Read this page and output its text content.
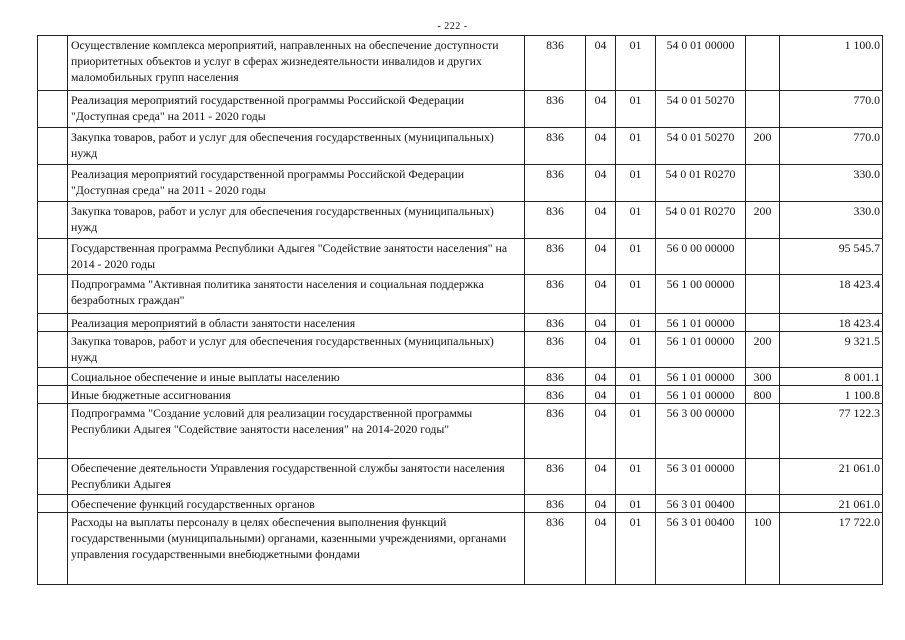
- 222 -
	Осуществление комплекса мероприятий, направленных на обеспечение доступности приоритетных объектов и услуг в сферах жизнедеятельности инвалидов и других маломобильных групп населения	836	04	01	54 0 01 00000		1 100.0
	Реализация мероприятий государственной программы Российской Федерации "Доступная среда" на 2011 - 2020 годы	836	04	01	54 0 01 50270		770.0
	Закупка товаров, работ и услуг для обеспечения государственных (муниципальных) нужд	836	04	01	54 0 01 50270	200	770.0
	Реализация мероприятий государственной программы Российской Федерации "Доступная среда" на 2011 - 2020 годы	836	04	01	54 0 01 R0270		330.0
	Закупка товаров, работ и услуг для обеспечения государственных (муниципальных) нужд	836	04	01	54 0 01 R0270	200	330.0
	Государственная программа Республики Адыгея "Содействие занятости населения" на 2014 - 2020 годы	836	04	01	56 0 00 00000		95 545.7
	Подпрограмма "Активная политика занятости населения и социальная поддержка безработных граждан"	836	04	01	56 1 00 00000		18 423.4
	Реализация мероприятий в области занятости населения	836	04	01	56 1 01 00000		18 423.4
	Закупка товаров, работ и услуг для обеспечения государственных (муниципальных) нужд	836	04	01	56 1 01 00000	200	9 321.5
	Социальное обеспечение и иные выплаты населению	836	04	01	56 1 01 00000	300	8 001.1
	Иные бюджетные ассигнования	836	04	01	56 1 01 00000	800	1 100.8
	Подпрограмма "Создание условий для реализации государственной программы Республики Адыгея "Содействие занятости населения" на 2014-2020 годы"	836	04	01	56 3 00 00000		77 122.3
	Обеспечение деятельности Управления государственной службы занятости населения Республики Адыгея	836	04	01	56 3 01 00000		21 061.0
	Обеспечение функций государственных органов	836	04	01	56 3 01 00400		21 061.0
	Расходы на выплаты персоналу в целях обеспечения выполнения функций государственными (муниципальными) органами, казенными учреждениями, органами управления государственными внебюджетными фондами	836	04	01	56 3 01 00400	100	17 722.0
